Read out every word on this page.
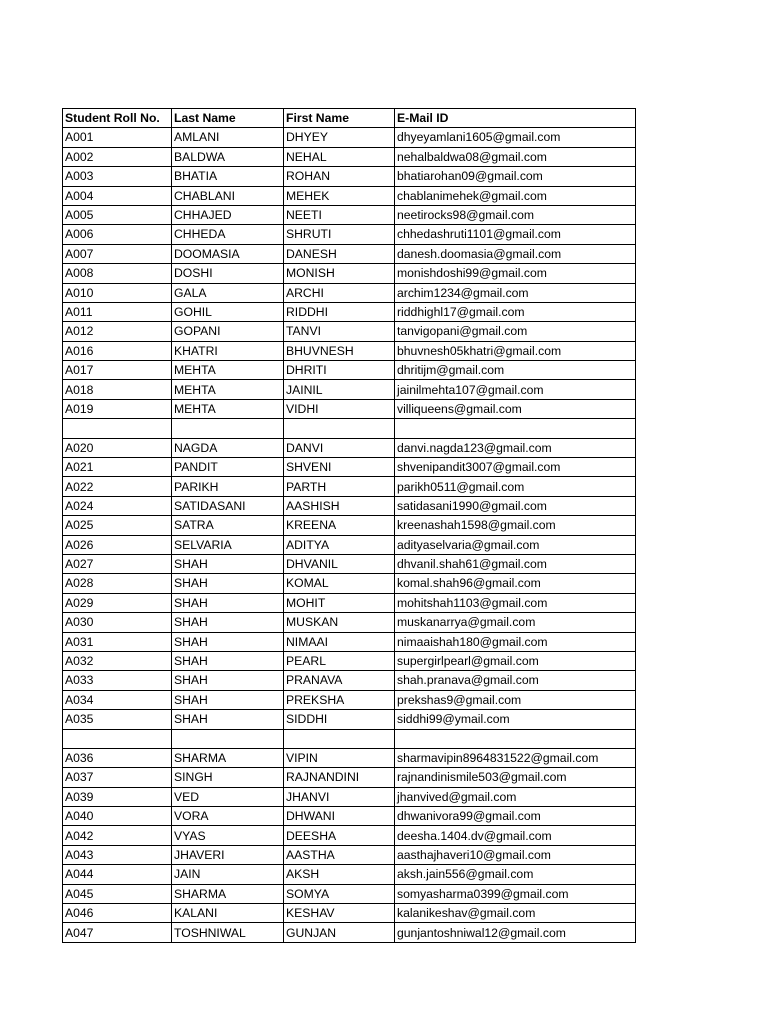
Student Roll No.	Last Name	First Name	E-Mail ID
A001	AMLANI	DHYEY	dhyeyamlani1605@gmail.com
A002	BALDWA	NEHAL	nehalbaldwa08@gmail.com
A003	BHATIA	ROHAN	bhatiarohan09@gmail.com
A004	CHABLANI	MEHEK	chablanimehek@gmail.com
A005	CHHAJED	NEETI	neetirocks98@gmail.com
A006	CHHEDA	SHRUTI	chhedashruti1101@gmail.com
A007	DOOMASIA	DANESH	danesh.doomasia@gmail.com
A008	DOSHI	MONISH	monishdoshi99@gmail.com
A010	GALA	ARCHI	archim1234@gmail.com
A011	GOHIL	RIDDHI	riddhighl17@gmail.com
A012	GOPANI	TANVI	tanvigopani@gmail.com
A016	KHATRI	BHUVNESH	bhuvnesh05khatri@gmail.com
A017	MEHTA	DHRITI	dhritijm@gmail.com
A018	MEHTA	JAINIL	jainilmehta107@gmail.com
A019	MEHTA	VIDHI	villiqueens@gmail.com

A020	NAGDA	DANVI	danvi.nagda123@gmail.com
A021	PANDIT	SHVENI	shvenipandit3007@gmail.com
A022	PARIKH	PARTH	parikh0511@gmail.com
A024	SATIDASANI	AASHISH	satidasani1990@gmail.com
A025	SATRA	KREENA	kreenashah1598@gmail.com
A026	SELVARIA	ADITYA	adityaselvaria@gmail.com
A027	SHAH	DHVANIL	dhvanil.shah61@gmail.com
A028	SHAH	KOMAL	komal.shah96@gmail.com
A029	SHAH	MOHIT	mohitshah1103@gmail.com
A030	SHAH	MUSKAN	muskanarrya@gmail.com
A031	SHAH	NIMAAI	nimaaishah180@gmail.com
A032	SHAH	PEARL	supergirlpearl@gmail.com
A033	SHAH	PRANAVA	shah.pranava@gmail.com
A034	SHAH	PREKSHA	prekshas9@gmail.com
A035	SHAH	SIDDHI	siddhi99@ymail.com

A036	SHARMA	VIPIN	sharmavipin8964831522@gmail.com
A037	SINGH	RAJNANDINI	rajnandinismile503@gmail.com
A039	VED	JHANVI	jhanvived@gmail.com
A040	VORA	DHWANI	dhwanivora99@gmail.com
A042	VYAS	DEESHA	deesha.1404.dv@gmail.com
A043	JHAVERI	AASTHA	aasthajhaveri10@gmail.com
A044	JAIN	AKSH	aksh.jain556@gmail.com
A045	SHARMA	SOMYA	somyasharma0399@gmail.com
A046	KALANI	KESHAV	kalanikeshav@gmail.com
A047	TOSHNIWAL	GUNJAN	gunjantoshniwal12@gmail.com
